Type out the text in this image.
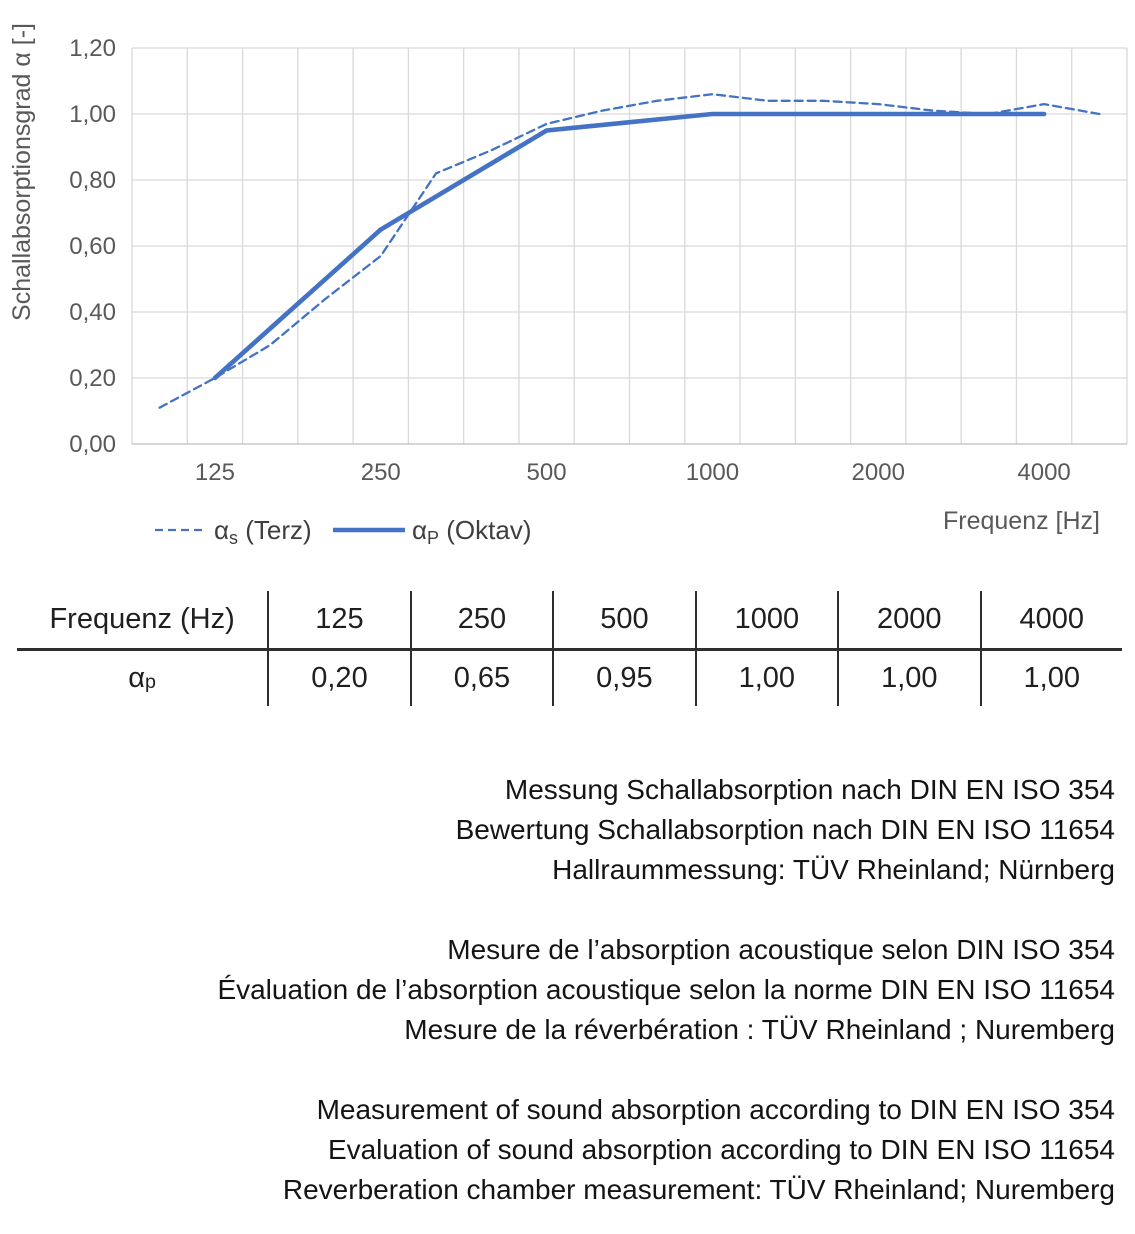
0,00
0,20
0,40
0,60
0,80
1,00
1,20
125	250	500	1000	2000	4000
αs (Terz)	αP (Oktav)
Schallabsorptionsgrad α [-]
Frequenz [Hz]
Frequenz (Hz)	125	250	500	1000	2000	4000
$\alpha_p$	0,20	0,65	0,95	1,00	1,00	1,00
Messung Schallabsorption nach DIN EN ISO 354
Bewertung Schallabsorption nach DIN EN ISO 11654
Hallraummessung: TÜV Rheinland; Nürnberg
Mesure de l’absorption acoustique selon DIN ISO 354
Évaluation de l’absorption acoustique selon la norme DIN EN ISO 11654
Mesure de la réverbération : TÜV Rheinland ; Nuremberg
Measurement of sound absorption according to DIN EN ISO 354
Evaluation of sound absorption according to DIN EN ISO 11654
Reverberation chamber measurement: TÜV Rheinland; Nuremberg
